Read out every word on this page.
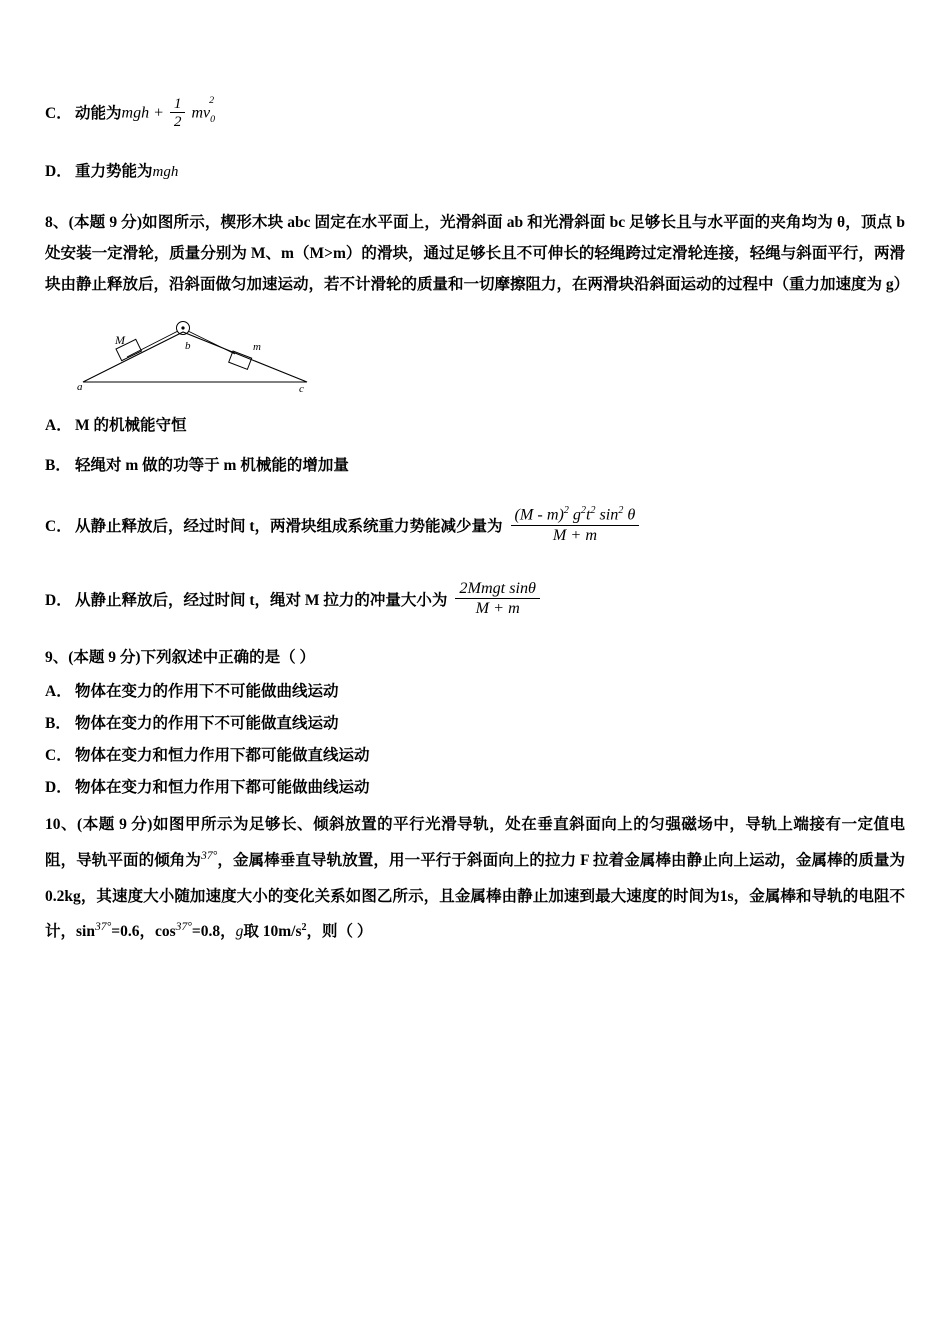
C． 动能为 mgh + $\frac{1}{2} mv_0^2$
D． 重力势能为 mgh
8、(本题 9 分)如图所示，楔形木块 abc 固定在水平面上，光滑斜面 ab 和光滑斜面 bc 足够长且与水平面的夹角均为 θ，顶点 b 处安装一定滑轮，质量分别为 M、m（M>m）的滑块，通过足够长且不可伸长的轻绳跨过定滑轮连接，轻绳与斜面平行，两滑块由静止释放后，沿斜面做匀加速运动，若不计滑轮的质量和一切摩擦阻力，在两滑块沿斜面运动的过程中（重力加速度为 g）
M	m
a
b
c
A． M 的机械能守恒
B． 轻绳对 m 做的功等于 m 机械能的增加量
C． 从静止释放后，经过时间 t，两滑块组成系统重力势能减少量为 $\frac{(M - m)^2 g^2t^2 \sin^2 \theta}{M + m}$
D． 从静止释放后，经过时间 t，绳对 M 拉力的冲量大小为 $\frac{\text{2Mmgt sinθ}}{M + m}$
9、(本题 9 分)下列叙述中正确的是（ ）
A． 物体在变力的作用下不可能做曲线运动
B． 物体在变力的作用下不可能做直线运动
C． 物体在变力和恒力作用下都可能做直线运动
D． 物体在变力和恒力作用下都可能做曲线运动
10、(本题 9 分)如图甲所示为足够长、倾斜放置的平行光滑导轨，处在垂直斜面向上的匀强磁场中，导轨上端接有一定值电阻，导轨平面的倾角为$^{37^\circ}$，金属棒垂直导轨放置，用一平行于斜面向上的拉力 F 拉着金属棒由静止向上运动，金属棒的质量为 0.2kg，其速度大小随加速度大小的变化关系如图乙所示，且金属棒由静止加速到最大速度的时间为1s，金属棒和导轨的电阻不计，$\sin^{37^\circ}=0.6$，$\cos^{37^\circ}=0.8$，g取 $10m/s^2$，则（ ）
